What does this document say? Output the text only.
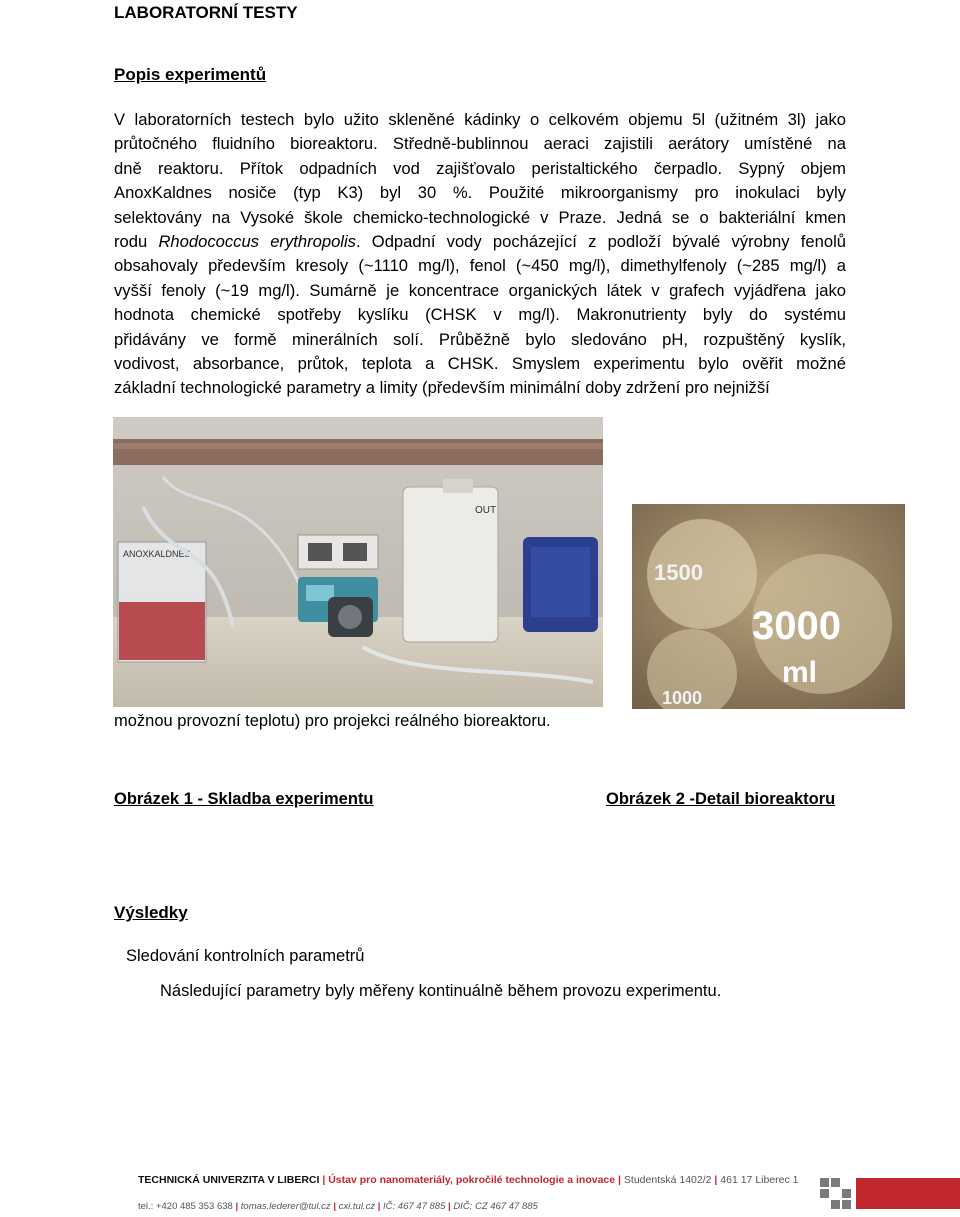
LABORATORNÍ TESTY
Popis experimentů
V laboratorních testech bylo užito skleněné kádinky o celkovém objemu 5l (užitném 3l) jako
průtočného fluidního bioreaktoru. Středně-bublinnou aeraci zajistili aerátory umístěné na
dně reaktoru. Přítok odpadních vod zajišťovalo peristaltického čerpadlo. Sypný objem
AnoxKaldnes nosiče (typ K3) byl 30 %. Použité mikroorganismy pro inokulaci byly
selektovány na Vysoké škole chemicko-technologické v Praze. Jedná se o bakteriální kmen
rodu Rhodococcus erythropolis. Odpadní vody pocházející z podloží bývalé výrobny fenolů
obsahovaly především kresoly (~1110 mg/l), fenol (~450 mg/l), dimethylfenoly (~285 mg/l) a
vyšší fenoly (~19 mg/l). Sumárně je koncentrace organických látek v grafech vyjádřena jako
hodnota chemické spotřeby kyslíku (CHSK v mg/l). Makronutrienty byly do systému
přidávány ve formě minerálních solí. Průběžně bylo sledováno pH, rozpuštěný kyslík,
vodivost, absorbance, průtok, teplota a CHSK. Smyslem experimentu bylo ověřit možné
základní technologické parametry a limity (především minimální doby zdržení pro nejnižší
ANOXKALDNES
OUT
1500
3000
ml
1000
možnou provozní teplotu) pro projekci reálného bioreaktoru.
Obrázek 1 - Skladba experimentu	Obrázek 2 -Detail bioreaktoru
Výsledky
Sledování kontrolních parametrů
Následující parametry byly měřeny kontinuálně během provozu experimentu.
TECHNICKÁ UNIVERZITA V LIBERCI | Ústav pro nanomateriály, pokročilé technologie a inovace | Studentská 1402/2 | 461 17 Liberec 1
tel.: +420 485 353 638 | tomas.lederer@tul.cz | cxi.tul.cz | IČ: 467 47 885 | DIČ: CZ 467 47 885
